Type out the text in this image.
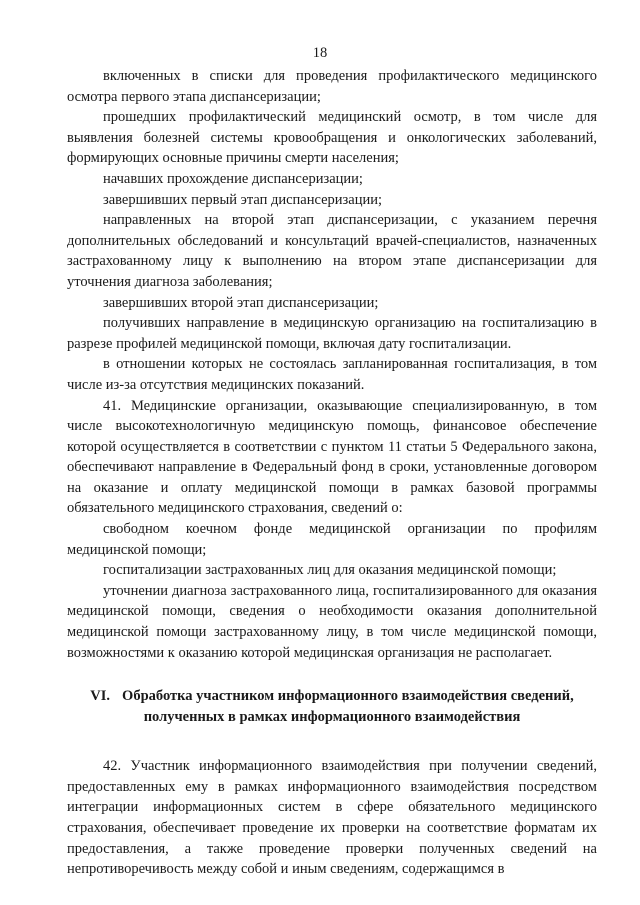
18

включенных в списки для проведения профилактического медицинского осмотра первого этапа диспансеризации;

прошедших профилактический медицинский осмотр, в том числе для выявления болезней системы кровообращения и онкологических заболеваний, формирующих основные причины смерти населения;

начавших прохождение диспансеризации;

завершивших первый этап диспансеризации;

направленных на второй этап диспансеризации, с указанием перечня дополнительных обследований и консультаций врачей-специалистов, назначенных застрахованному лицу к выполнению на втором этапе диспансеризации для уточнения диагноза заболевания;

завершивших второй этап диспансеризации;

получивших направление в медицинскую организацию на госпитализацию в разрезе профилей медицинской помощи, включая дату госпитализации.

в отношении которых не состоялась запланированная госпитализация, в том числе из-за отсутствия медицинских показаний.

41. Медицинские организации, оказывающие специализированную, в том числе высокотехнологичную медицинскую помощь, финансовое обеспечение которой осуществляется в соответствии с пунктом 11 статьи 5 Федерального закона, обеспечивают направление в Федеральный фонд в сроки, установленные договором на оказание и оплату медицинской помощи в рамках базовой программы обязательного медицинского страхования, сведений о:

свободном коечном фонде медицинской организации по профилям медицинской помощи;

госпитализации застрахованных лиц для оказания медицинской помощи;

уточнении диагноза застрахованного лица, госпитализированного для оказания медицинской помощи, сведения о необходимости оказания дополнительной медицинской помощи застрахованному лицу, в том числе медицинской помощи, возможностями к оказанию которой медицинская организация не располагает.

VI. Обработка участником информационного взаимодействия сведений, полученных в рамках информационного взаимодействия

42. Участник информационного взаимодействия при получении сведений, предоставленных ему в рамках информационного взаимодействия посредством интеграции информационных систем в сфере обязательного медицинского страхования, обеспечивает проведение их проверки на соответствие форматам их предоставления, а также проведение проверки полученных сведений на непротиворечивость между собой и иным сведениям, содержащимся в
